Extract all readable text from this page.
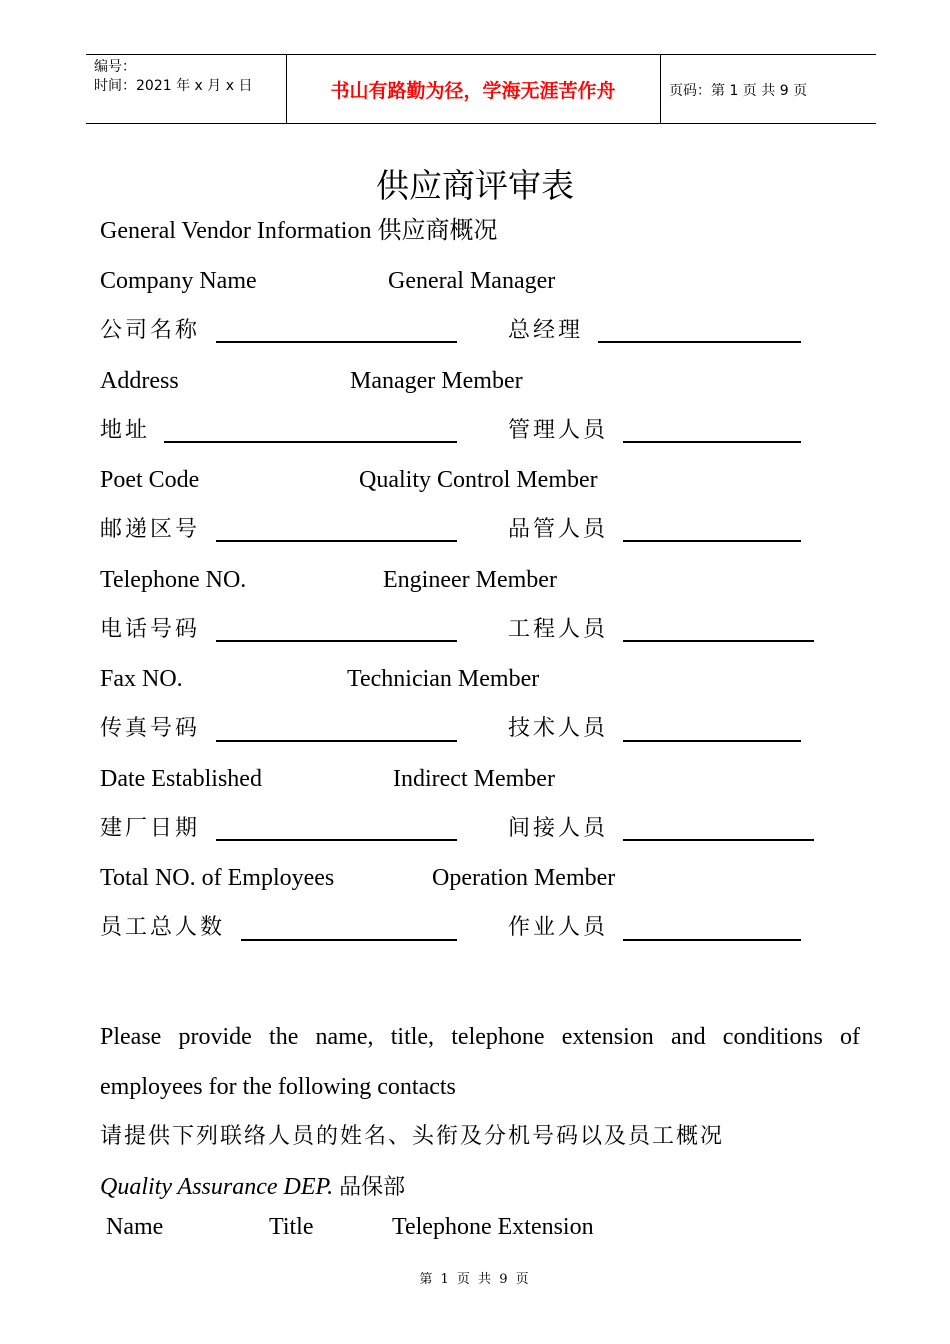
编号：
时间：2021 年 x 月 x 日	书山有路勤为径，学海无涯苦作舟	页码：第 1 页 共 9 页
供应商评审表
General Vendor Information 供应商概况
Company Name	General Manager
公司名称	总经理
Address	Manager Member
地址	管理人员
Poet Code	Quality Control Member
邮递区号	品管人员
Telephone NO.	Engineer Member
电话号码	工程人员
Fax NO.	Technician Member
传真号码	技术人员
Date Established	Indirect Member
建厂日期	间接人员
Total NO. of Employees	Operation Member
员工总人数	作业人员
Please provide the name, title, telephone extension and conditions of employees for the following contacts
请提供下列联络人员的姓名、头衔及分机号码以及员工概况
Quality Assurance DEP. 品保部
Name	Title	Telephone Extension
第 1 页 共 9 页
